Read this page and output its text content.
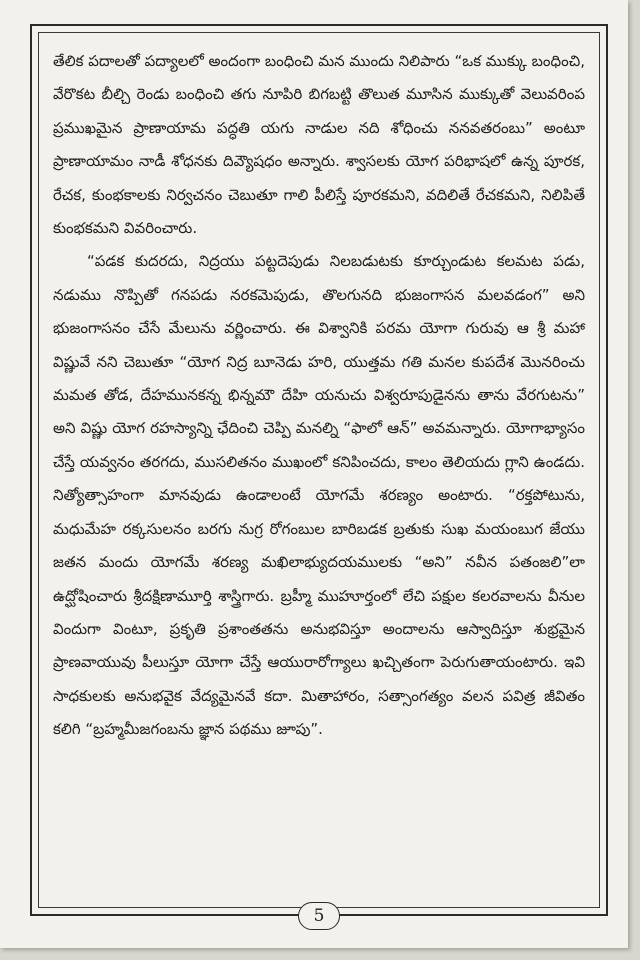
తేలిక పదాలతో పద్యాలలో అందంగా బంధించి మన ముందు నిలిపారు “ఒక ముక్కు బంధించి, వేరొకట బీల్చి రెండు బంధించి తగు నూపిరి బిగబట్టి తొలుత మూసిన ముక్కుతో వెలువరింప ప్రముఖమైన ప్రాణాయామ పద్ధతి యగు నాడుల నది శోధించు ననవతరంబు” అంటూ ప్రాణాయామం నాడీ శోధనకు దివ్యౌషధం అన్నారు. శ్వాసలకు యోగ పరిభాషలో ఉన్న పూరక, రేచక, కుంభకాలకు నిర్వచనం చెబుతూ గాలి పీలిస్తే పూరకమని, వదిలితే రేచకమని, నిలిపితే కుంభకమని వివరించారు.

“పడక కుదరదు, నిద్రయు పట్టదెపుడు నిలబడుటకు కూర్చుండుట కలమట పడు, నడుము నొప్పితో గనపడు నరకమెపుడు, తొలగునది భుజంగాసన మలవడంగ” అని భుజంగాసనం చేసే మేలును వర్ణించారు. ఈ విశ్వానికి పరమ యోగా గురువు ఆ శ్రీ మహా విష్ణువే నని చెబుతూ “యోగ నిద్ర బూనెడు హరి, యుత్తమ గతి మనల కుపదేశ మొనరించు మమత తోడ, దేహమునకన్న భిన్నమౌ దేహి యనుచు విశ్వరూపుడైనను తాను వేరగుటను” అని విష్ణు యోగ రహస్యాన్ని ఛేదించి చెప్పి మనల్ని “ఫాలో ఆన్” అవమన్నారు. యోగాభ్యాసం చేస్తే యవ్వనం తరగదు, ముసలితనం ముఖంలో కనిపించదు, కాలం తెలియదు గ్లాని ఉండదు. నిత్యోత్సాహంగా మానవుడు ఉండాలంటే యోగమే శరణ్యం అంటారు. “రక్తపోటును, మధుమేహ రక్కసులనం బరగు నుగ్ర రోగంబుల బారిబడక బ్రతుకు సుఖ మయంబుగ జేయు జతన మందు యోగమే శరణ్య మఖిలాభ్యుదయములకు “అని” నవీన పతంజలి”లా ఉద్ఘోషించారు శ్రీదక్షిణామూర్తి శాస్త్రిగారు. బ్రహ్మీ ముహూర్తంలో లేచి పక్షుల కలరవాలను వీనుల విందుగా వింటూ, ప్రకృతి ప్రశాంతతను అనుభవిస్తూ అందాలను ఆస్వాదిస్తూ శుభ్రమైన ప్రాణవాయువు పీలుస్తూ యోగా చేస్తే ఆయురారోగ్యాలు ఖచ్చితంగా పెరుగుతాయంటారు. ఇవి సాధకులకు అనుభవైక వేద్యమైనవే కదా. మితాహారం, సత్సాంగత్యం వలన పవిత్ర జీవితం కలిగి “బ్రహ్మమీజగంబను జ్ఞాన పథము జూపు”.

5
